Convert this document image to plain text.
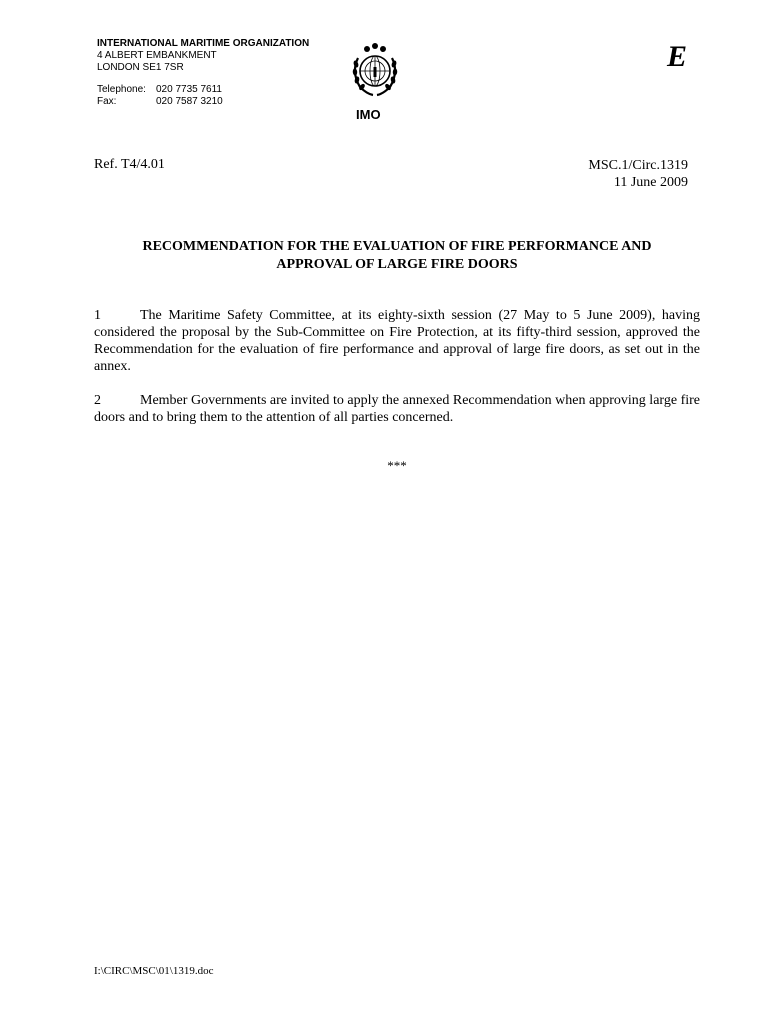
INTERNATIONAL MARITIME ORGANIZATION
4 ALBERT EMBANKMENT
LONDON SE1 7SR
Telephone:	020 7735 7611
Fax:	020 7587 3210
IMO
E
Ref. T4/4.01	MSC.1/Circ.1319
11 June 2009
RECOMMENDATION FOR THE EVALUATION OF FIRE PERFORMANCE AND
APPROVAL OF LARGE FIRE DOORS
1	The Maritime Safety Committee, at its eighty-sixth session (27 May to 5 June 2009), having considered the proposal by the Sub-Committee on Fire Protection, at its fifty-third session, approved the Recommendation for the evaluation of fire performance and approval of large fire doors, as set out in the annex.
2	Member Governments are invited to apply the annexed Recommendation when approving large fire doors and to bring them to the attention of all parties concerned.
***
I:\CIRC\MSC\01\1319.doc
